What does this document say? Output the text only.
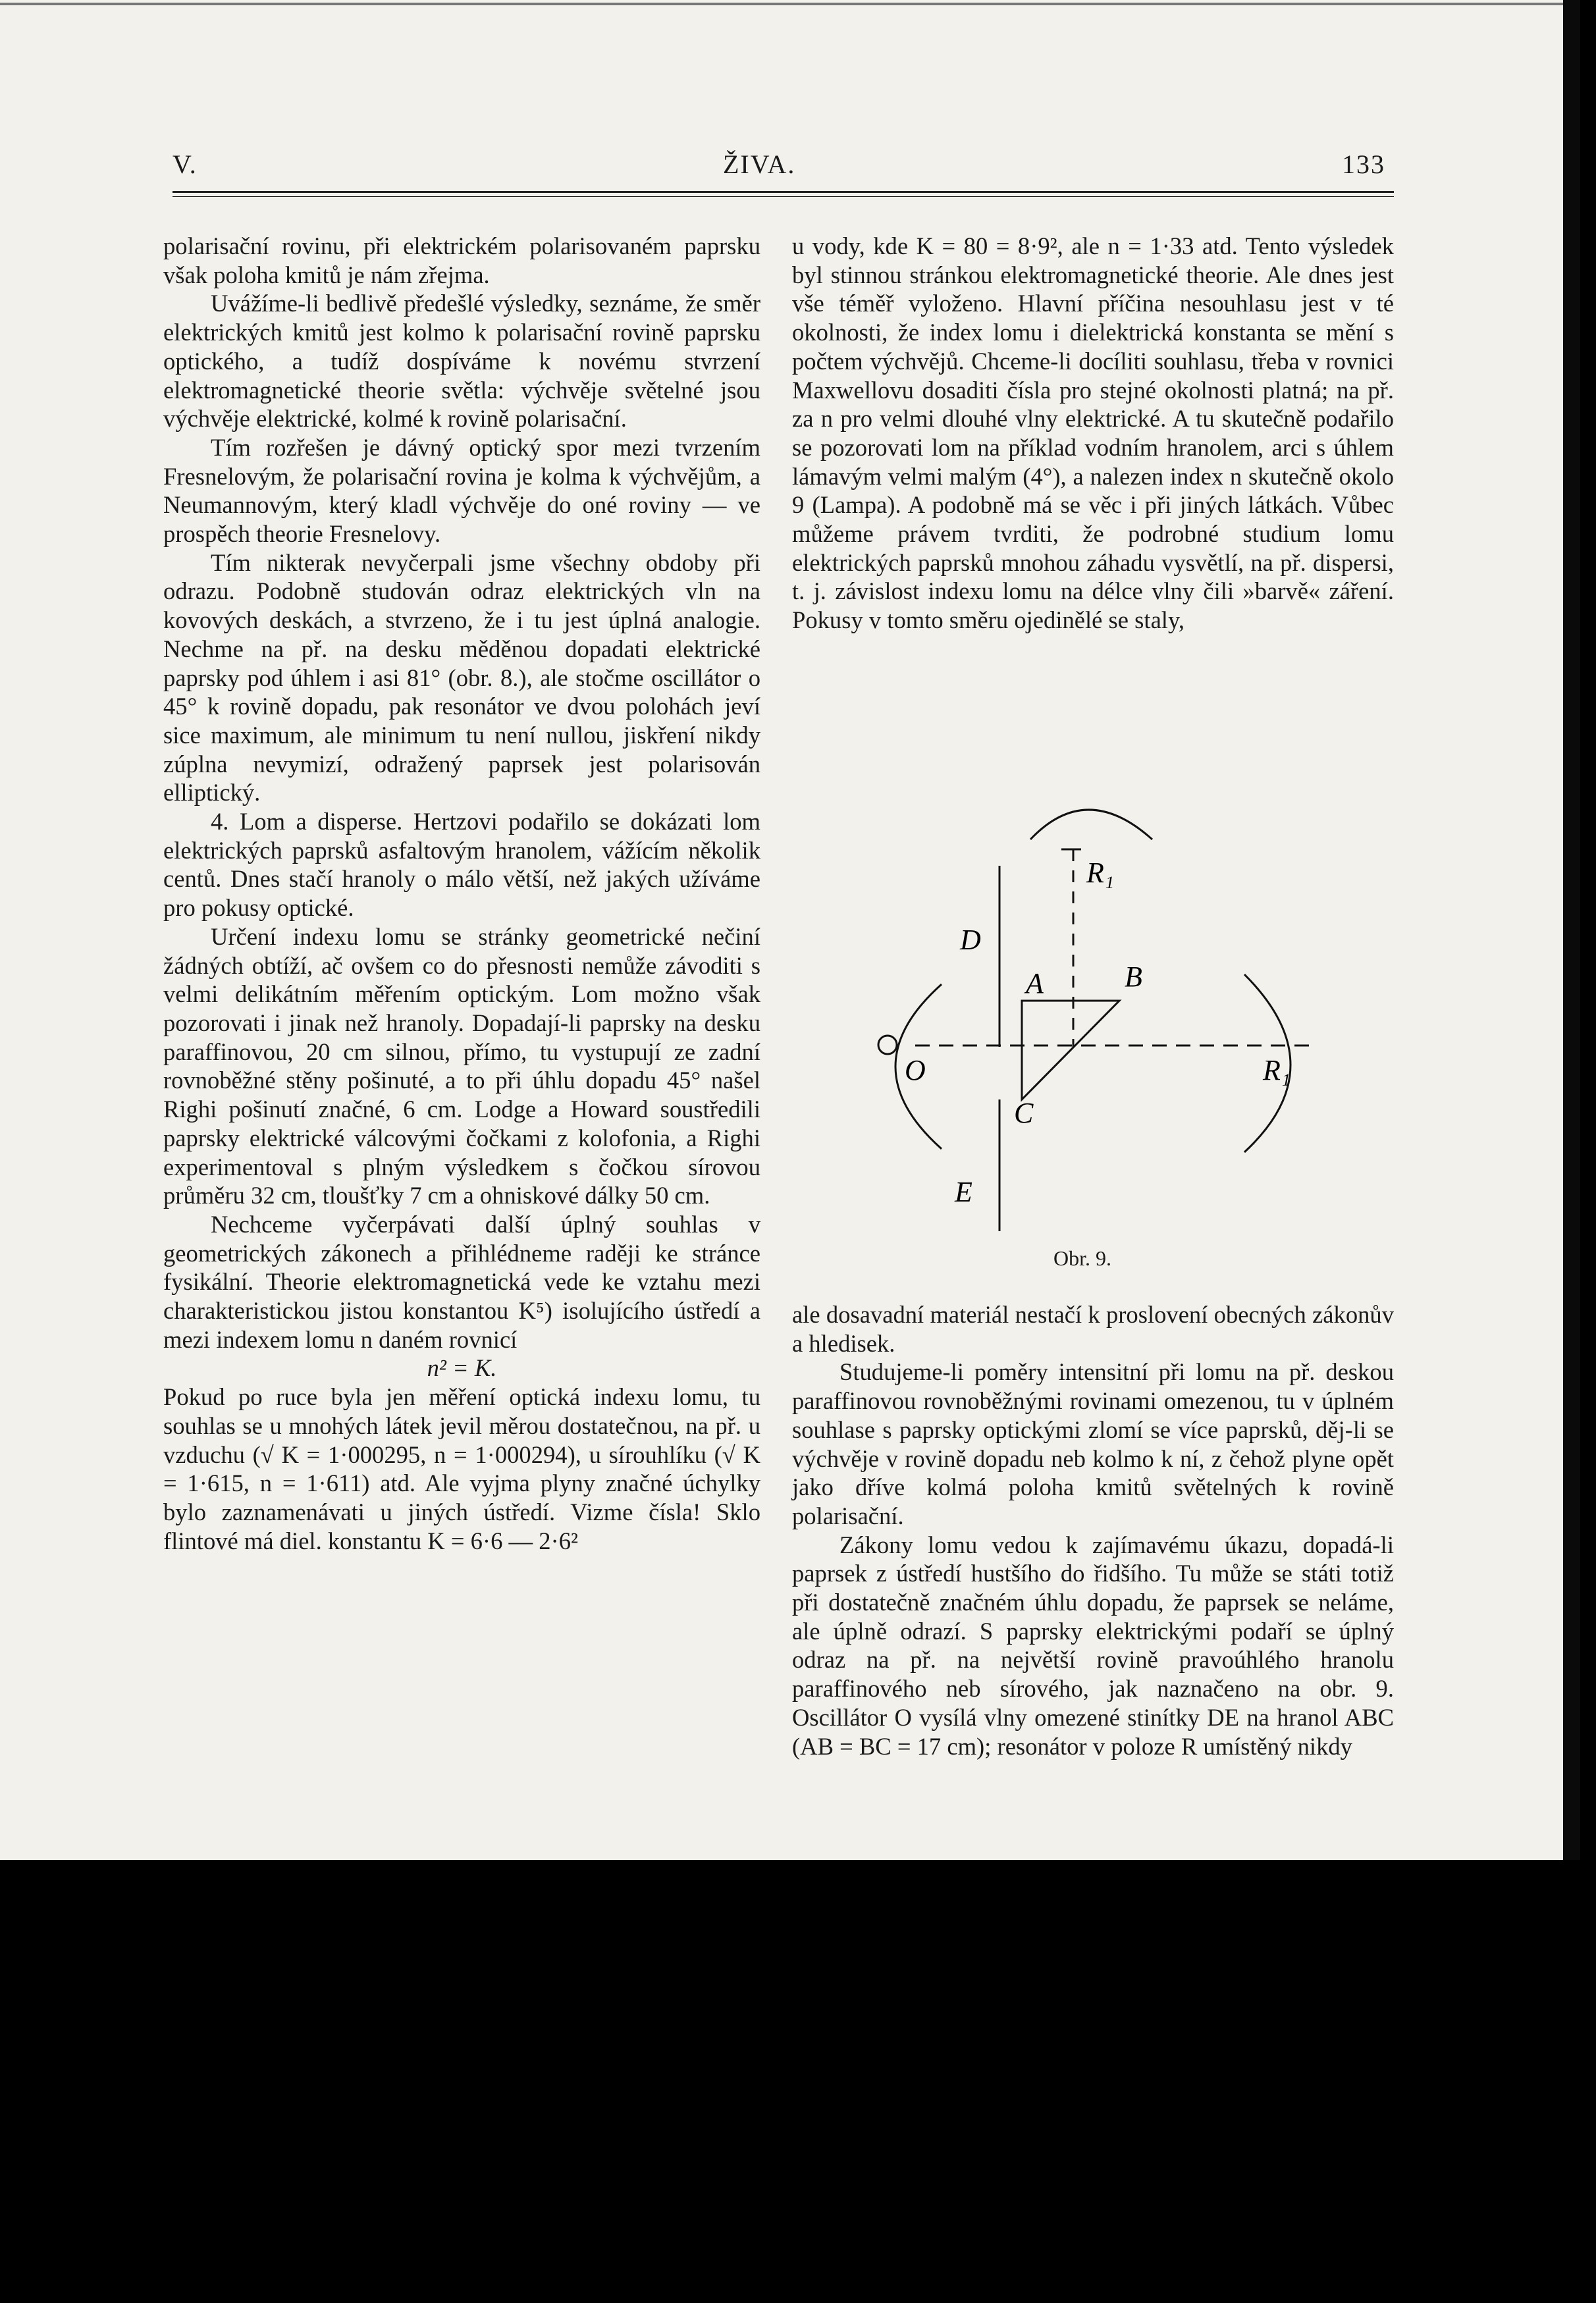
V.	ŽIVA.	133

polarisační rovinu, při elektrickém polarisovaném paprsku však poloha kmitů je nám zřejma.

Uvážíme-li bedlivě předešlé výsledky, seznáme, že směr elektrických kmitů jest kolmo k polarisační rovině paprsku optického, a tudíž dospíváme k novému stvrzení elektromagnetické theorie světla: výchvěje světelné jsou výchvěje elektrické, kolmé k rovině polarisační.

Tím rozřešen je dávný optický spor mezi tvrzením Fresnelovým, že polarisační rovina je kolma k výchvějům, a Neumannovým, který kladl výchvěje do oné roviny — ve prospěch theorie Fresnelovy.

Tím nikterak nevyčerpali jsme všechny obdoby při odrazu. Podobně studován odraz elektrických vln na kovových deskách, a stvrzeno, že i tu jest úplná analogie. Nechme na př. na desku měděnou dopadati elektrické paprsky pod úhlem i asi 81° (obr. 8.), ale stočme oscillátor o 45° k rovině dopadu, pak resonátor ve dvou polohách jeví sice maximum, ale minimum tu není nullou, jiskření nikdy zúplna nevymizí, odražený paprsek jest polarisován elliptický.

4. Lom a disperse. Hertzovi podařilo se dokázati lom elektrických paprsků asfaltovým hranolem, vážícím několik centů. Dnes stačí hranoly o málo větší, než jakých užíváme pro pokusy optické.

Určení indexu lomu se stránky geometrické nečiní žádných obtíží, ač ovšem co do přesnosti nemůže závoditi s velmi delikátním měřením optickým. Lom možno však pozorovati i jinak než hranoly. Dopadají-li paprsky na desku paraffinovou, 20 cm silnou, přímo, tu vystupují ze zadní rovnoběžné stěny pošinuté, a to při úhlu dopadu 45° našel Righi pošinutí značné, 6 cm. Lodge a Howard soustředili paprsky elektrické válcovými čočkami z kolofonia, a Righi experimentoval s plným výsledkem s čočkou sírovou průměru 32 cm, tloušťky 7 cm a ohniskové dálky 50 cm.

Nechceme vyčerpávati další úplný souhlas v geometrických zákonech a přihlédneme raději ke stránce fysikální. Theorie elektromagnetická vede ke vztahu mezi charakteristickou jistou konstantou K⁵) isolujícího ústředí a mezi indexem lomu n daném rovnicí

n² = K.

Pokud po ruce byla jen měření optická indexu lomu, tu souhlas se u mnohých látek jevil měrou dostatečnou, na př. u vzduchu (√ K = 1·000295, n = 1·000294), u sírouhlíku (√ K = 1·615, n = 1·611) atd. Ale vyjma plyny značné úchylky bylo zaznamenávati u jiných ústředí. Vizme čísla! Sklo flintové má diel. konstantu K = 6·6 — 2·6²

u vody, kde K = 80 = 8·9², ale n = 1·33 atd. Tento výsledek byl stinnou stránkou elektromagnetické theorie. Ale dnes jest vše téměř vyloženo. Hlavní příčina nesouhlasu jest v té okolnosti, že index lomu i dielektrická konstanta se mění s počtem výchvějů. Chceme-li docíliti souhlasu, třeba v rovnici Maxwellovu dosaditi čísla pro stejné okolnosti platná; na př. za n pro velmi dlouhé vlny elektrické. A tu skutečně podařilo se pozorovati lom na příklad vodním hranolem, arci s úhlem lámavým velmi malým (4°), a nalezen index n skutečně okolo 9 (Lampa). A podobně má se věc i při jiných látkách. Vůbec můžeme právem tvrditi, že podrobné studium lomu elektrických paprsků mnohou záhadu vysvětlí, na př. dispersi, t. j. závislost indexu lomu na délce vlny čili »barvě« záření. Pokusy v tomto směru ojedinělé se staly,

R₁
D
A	B
O
C
R₁
E
Obr. 9.

ale dosavadní materiál nestačí k proslovení obecných zákonův a hledisek.

Studujeme-li poměry intensitní při lomu na př. deskou paraffinovou rovnoběžnými rovinami omezenou, tu v úplném souhlase s paprsky optickými zlomí se více paprsků, děj-li se výchvěje v rovině dopadu neb kolmo k ní, z čehož plyne opět jako dříve kolmá poloha kmitů světelných k rovině polarisační.

Zákony lomu vedou k zajímavému úkazu, dopadá-li paprsek z ústředí hustšího do řidšího. Tu může se státi totiž při dostatečně značném úhlu dopadu, že paprsek se neláme, ale úplně odrazí. S paprsky elektrickými podaří se úplný odraz na př. na největší rovině pravoúhlého hranolu paraffinového neb sírového, jak naznačeno na obr. 9. Oscillátor O vysílá vlny omezené stinítky DE na hranol ABC (AB = BC = 17 cm); resonátor v poloze R umístěný nikdy
